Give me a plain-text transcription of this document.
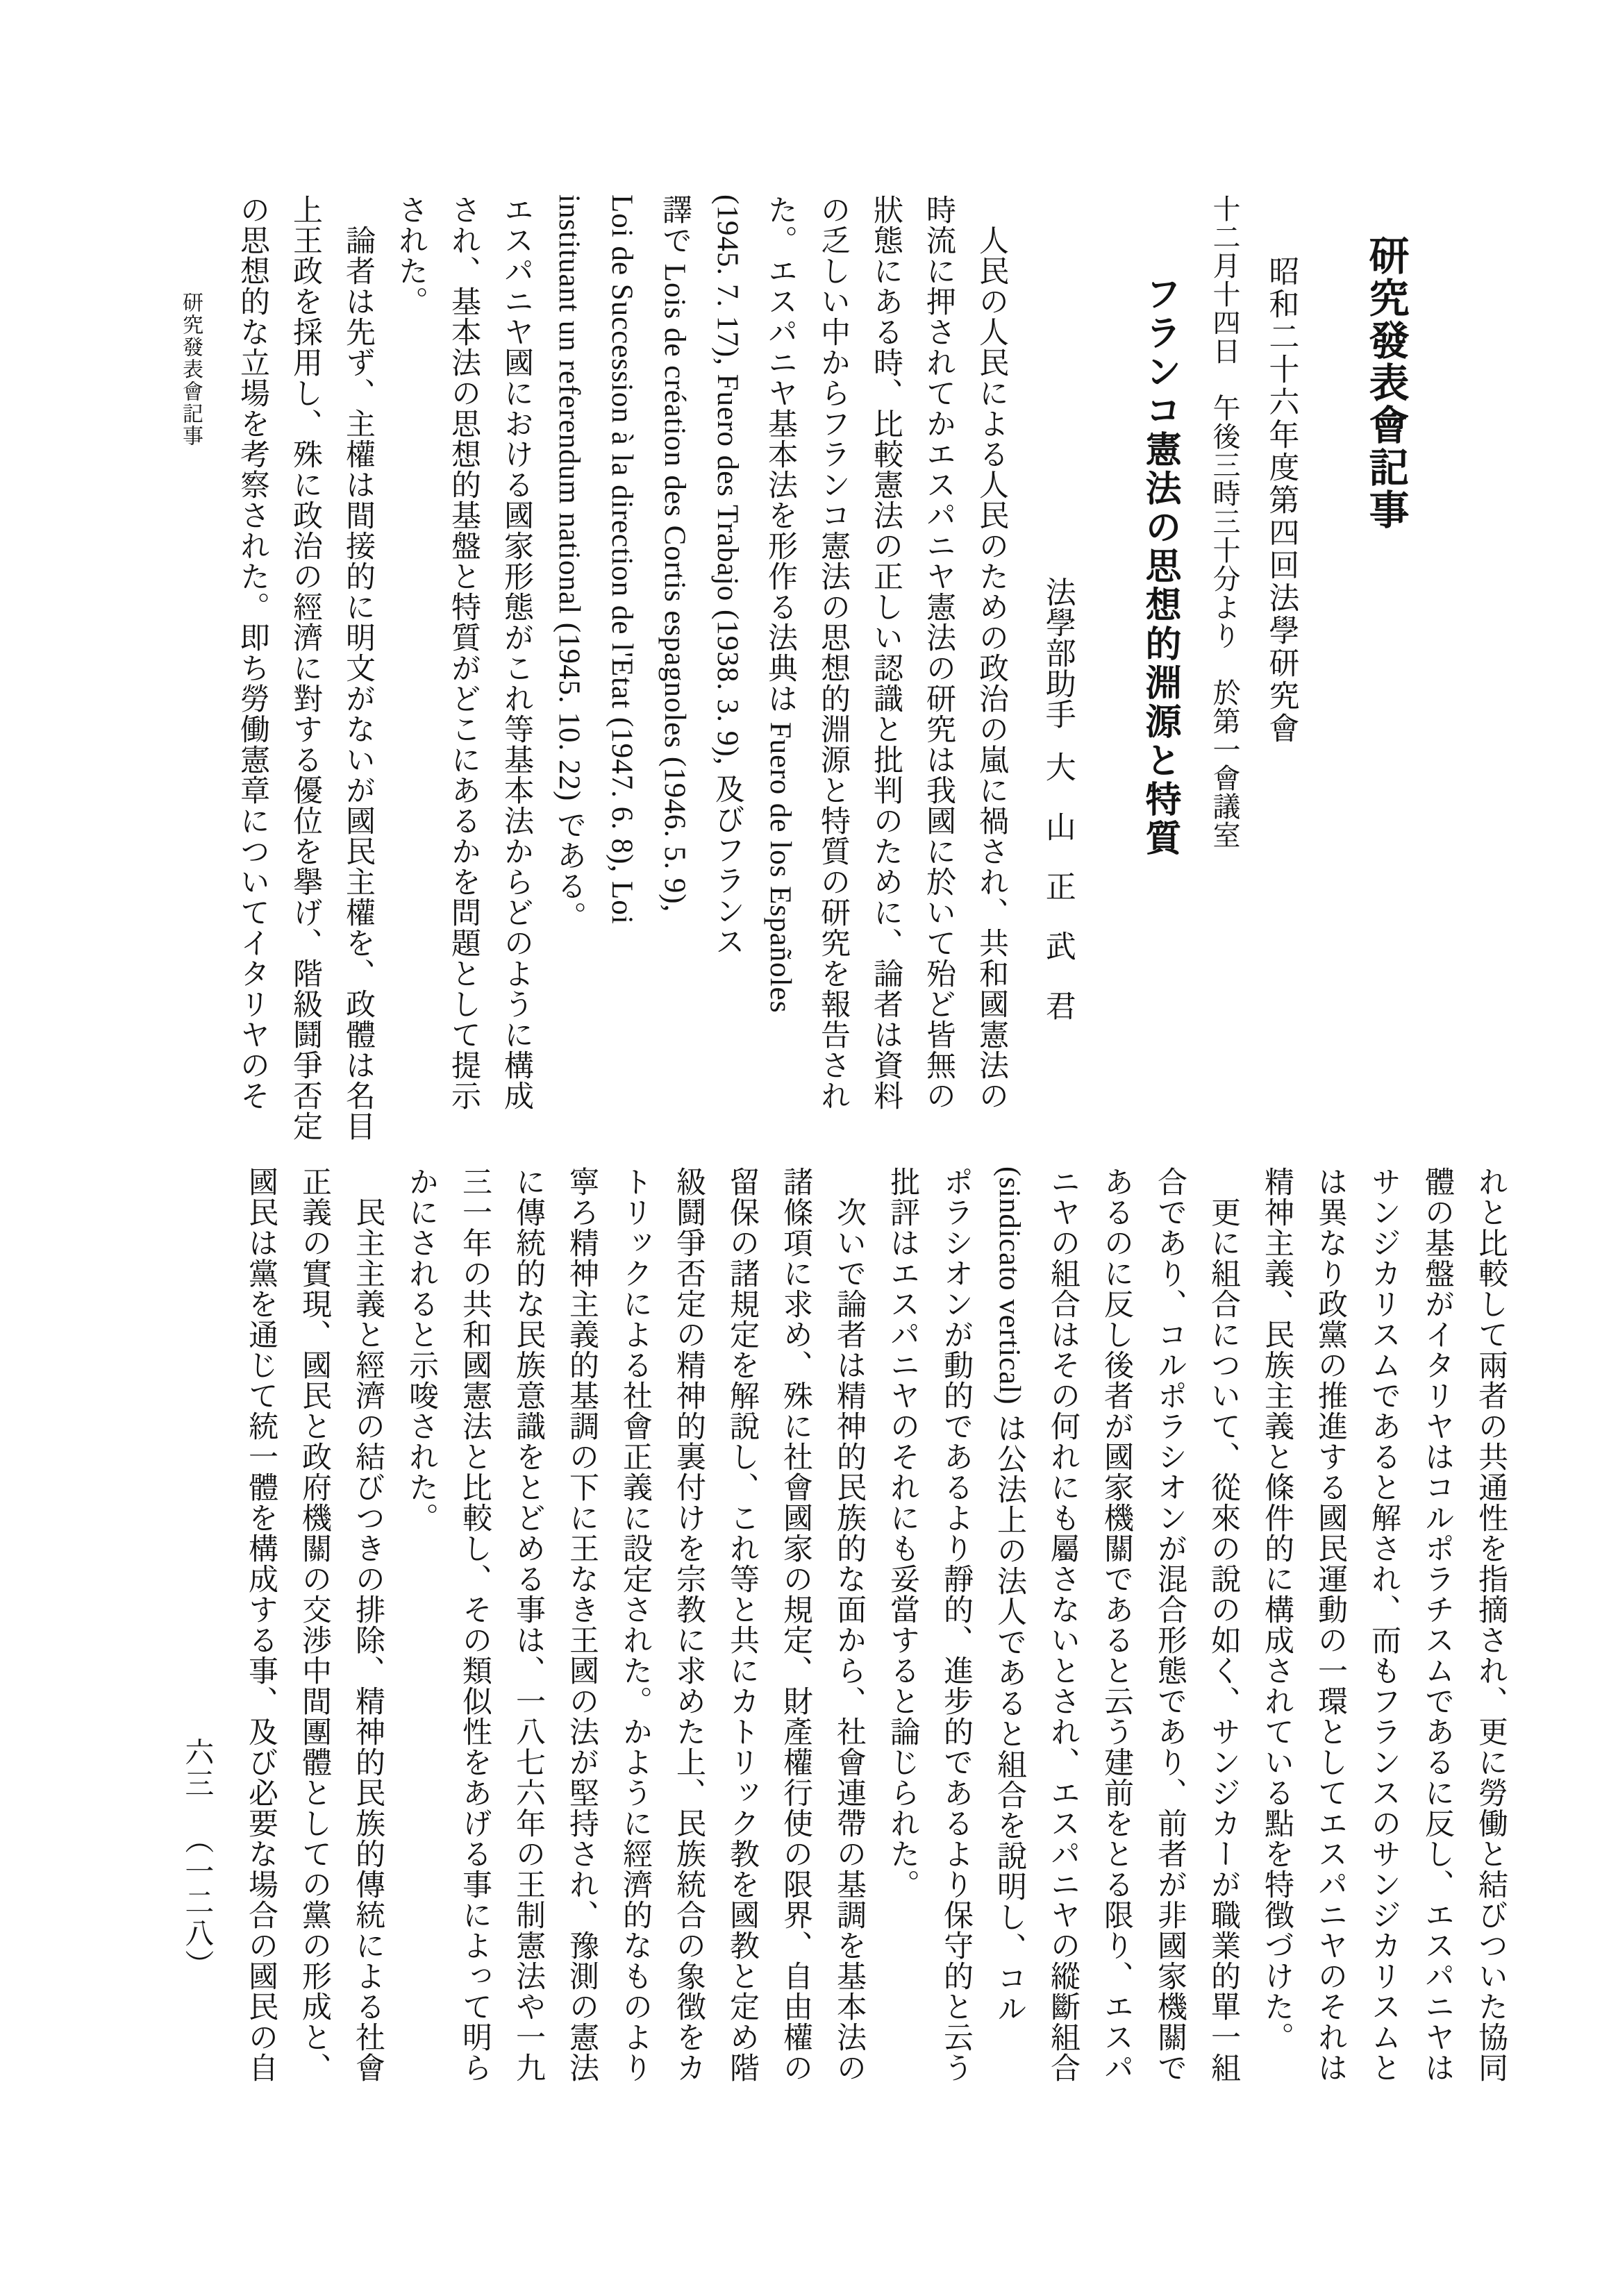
研究發表會記事
昭和二十六年度第四回法學研究會
十二月十四日　午後三時三十分より　於第一會議室
フランコ憲法の思想的淵源と特質
法學部助手大山正武君

　人民の人民による人民のための政治の嵐に禍され、共和國憲法の

時流に押されてかエスパニヤ憲法の研究は我國に於いて殆ど皆無の

狀態にある時、比較憲法の正しい認識と批判のために、論者は資料

の乏しい中からフランコ憲法の思想的淵源と特質の研究を報告され

た。エスパニヤ基本法を形作る法典は Fuero de los Españoles

(1945. 7. 17), Fuero des Trabajo (1938. 3. 9), 及びフランス

譯で Lois de création des Cortis espagnoles (1946. 5. 9),

Loi de Succession à la direction de l'Etat (1947. 6. 8), Loi

instituant un referendum national (1945. 10. 22) である。

エスパニヤ國における國家形態がこれ等基本法からどのように構成

され、基本法の思想的基盤と特質がどこにあるかを問題として提示

された。

　論者は先ず、主權は間接的に明文がないが國民主權を、政體は名目

上王政を採用し、殊に政治の經濟に對する優位を擧げ、階級鬪爭否定

の思想的な立場を考察された。即ち勞働憲章についてイタリヤのそ

れと比較して兩者の共通性を指摘され、更に勞働と結びついた協同

體の基盤がイタリヤはコルポラチスムであるに反し、エスパニヤは

サンジカリスムであると解され、而もフランスのサンジカリスムと

は異なり政黨の推進する國民運動の一環としてエスパニヤのそれは

精神主義、民族主義と條件的に構成されている點を特徴づけた。

　更に組合について、從來の說の如く、サンジカーが職業的單一組

合であり、コルポラシオンが混合形態であり、前者が非國家機關で

あるのに反し後者が國家機關であると云う建前をとる限り、エスパ

ニヤの組合はその何れにも屬さないとされ、エスパニヤの縱斷組合

(sindicato vertical) は公法上の法人であると組合を說明し、コル

ポラシオンが動的であるより靜的、進步的であるより保守的と云う

批評はエスパニヤのそれにも妥當すると論じられた。

　次いで論者は精神的民族的な面から、社會連帶の基調を基本法の

諸條項に求め、殊に社會國家の規定、財產權行使の限界、自由權の

留保の諸規定を解說し、これ等と共にカトリック教を國教と定め階

級鬪爭否定の精神的裏付けを宗教に求めた上、民族統合の象徴をカ

トリックによる社會正義に設定された。かように經濟的なものより

寧ろ精神主義的基調の下に王なき王國の法が堅持され、豫測の憲法

に傳統的な民族意識をとどめる事は、一八七六年の王制憲法や一九

三一年の共和國憲法と比較し、その類似性をあげる事によって明ら

かにされると示唆された。

　民主主義と經濟の結びつきの排除、精神的民族的傳統による社會

正義の實現、國民と政府機關の交渉中間團體としての黨の形成と、

國民は黨を通じて統一體を構成する事、及び必要な場合の國民の自

研究發表會記事
六三（一二八）
